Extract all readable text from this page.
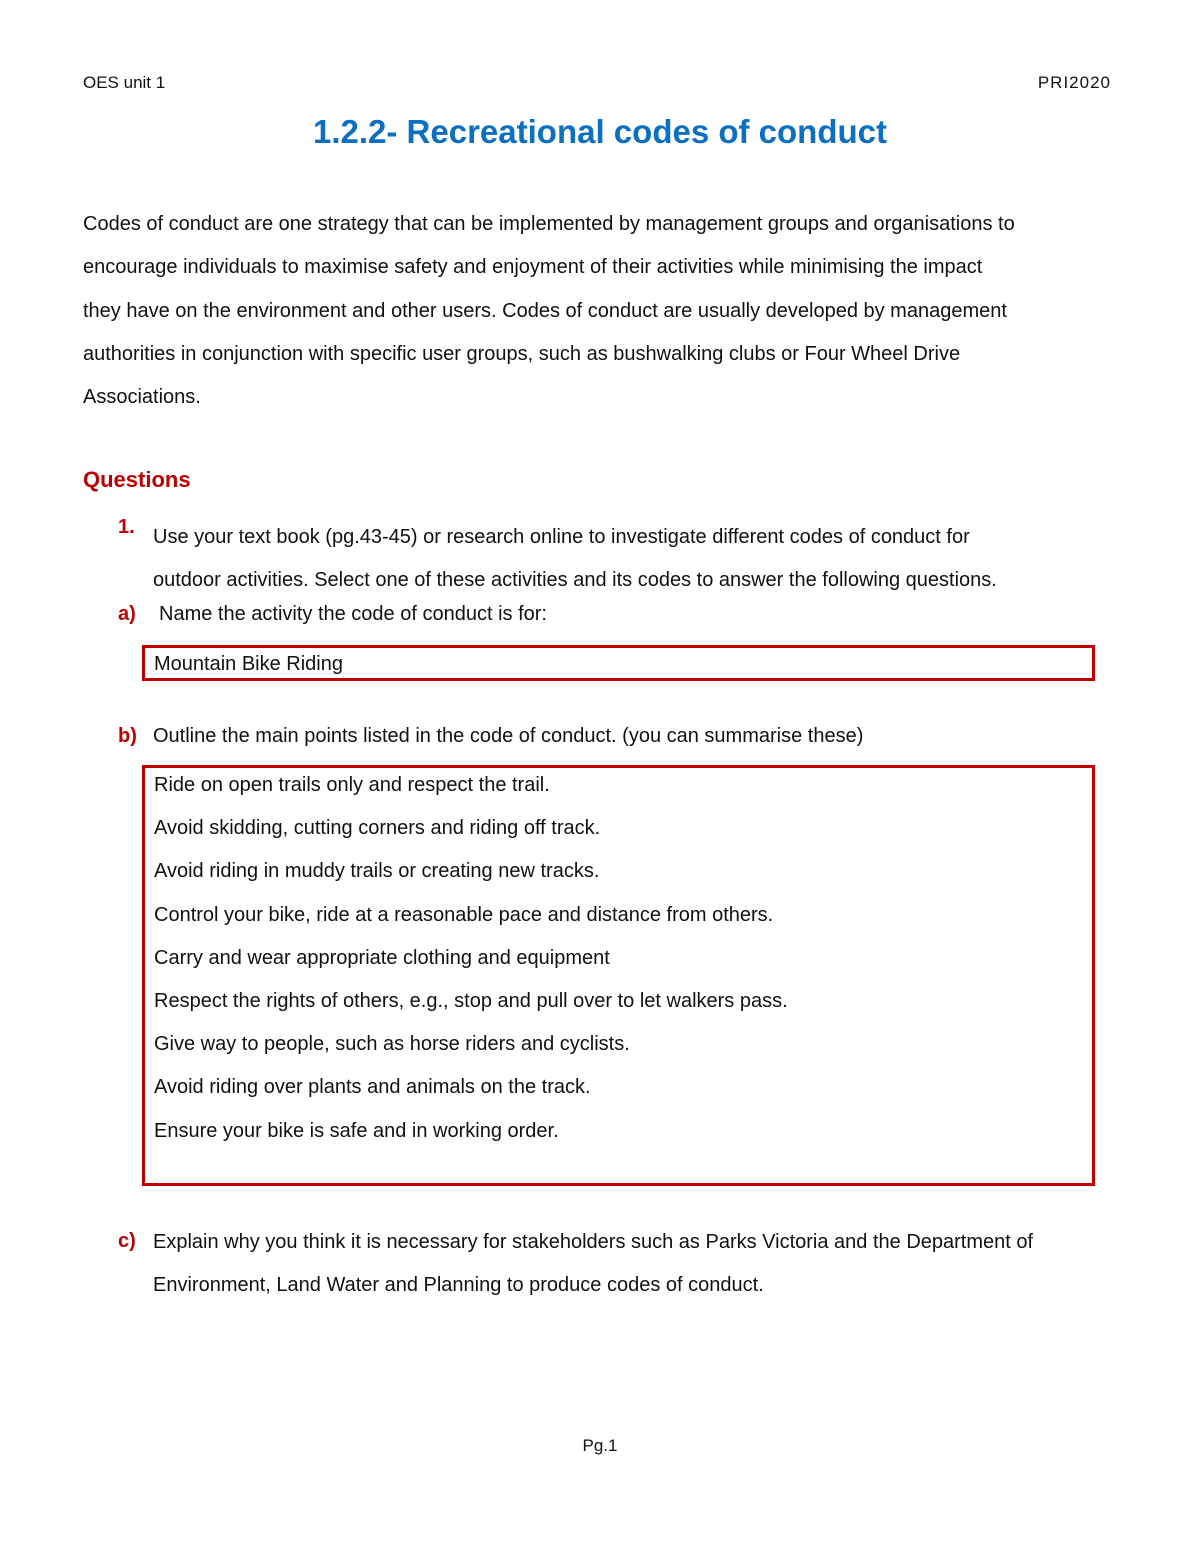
OES unit 1	PRI2020
1.2.2- Recreational codes of conduct

Codes of conduct are one strategy that can be implemented by management groups and organisations to
encourage individuals to maximise safety and enjoyment of their activities while minimising the impact
they have on the environment and other users. Codes of conduct are usually developed by management
authorities in conjunction with specific user groups, such as bushwalking clubs or Four Wheel Drive
Associations.

Questions
1. Use your text book (pg.43-45) or research online to investigate different codes of conduct for
outdoor activities. Select one of these activities and its codes to answer the following questions.
a) Name the activity the code of conduct is for:
Mountain Bike Riding
b) Outline the main points listed in the code of conduct. (you can summarise these)
Ride on open trails only and respect the trail.
Avoid skidding, cutting corners and riding off track.
Avoid riding in muddy trails or creating new tracks.
Control your bike, ride at a reasonable pace and distance from others.
Carry and wear appropriate clothing and equipment
Respect the rights of others, e.g., stop and pull over to let walkers pass.
Give way to people, such as horse riders and cyclists.
Avoid riding over plants and animals on the track.
Ensure your bike is safe and in working order.
c) Explain why you think it is necessary for stakeholders such as Parks Victoria and the Department of
Environment, Land Water and Planning to produce codes of conduct.
Pg.1
